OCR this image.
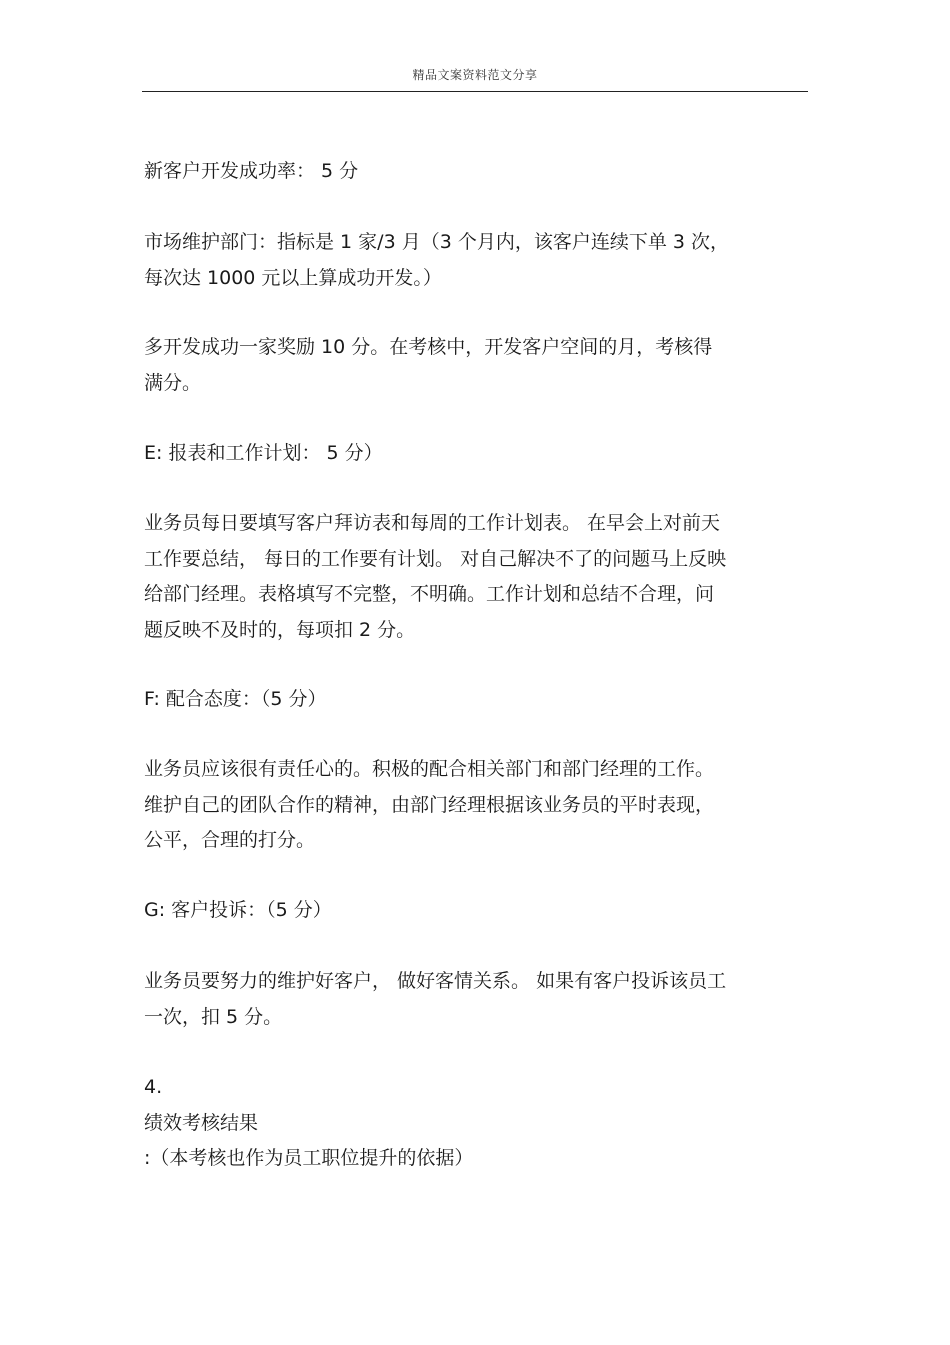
精品文案资料范文分享
新客户开发成功率： 5 分
市场维护部门：指标是 1 家/3 月（3 个月内，该客户连续下单 3 次，
每次达 1000 元以上算成功开发。）
多开发成功一家奖励 10 分。在考核中，开发客户空间的月，考核得
满分。
E: 报表和工作计划： 5 分）
业务员每日要填写客户拜访表和每周的工作计划表。 在早会上对前天
工作要总结， 每日的工作要有计划。 对自己解决不了的问题马上反映
给部门经理。表格填写不完整，不明确。工作计划和总结不合理，问
题反映不及时的，每项扣 2 分。
F: 配合态度：（5 分）
业务员应该很有责任心的。积极的配合相关部门和部门经理的工作。
维护自己的团队合作的精神，由部门经理根据该业务员的平时表现，
公平，合理的打分。
G: 客户投诉：（5 分）
业务员要努力的维护好客户， 做好客情关系。 如果有客户投诉该员工
一次，扣 5 分。
4.
绩效考核结果
:（本考核也作为员工职位提升的依据）
